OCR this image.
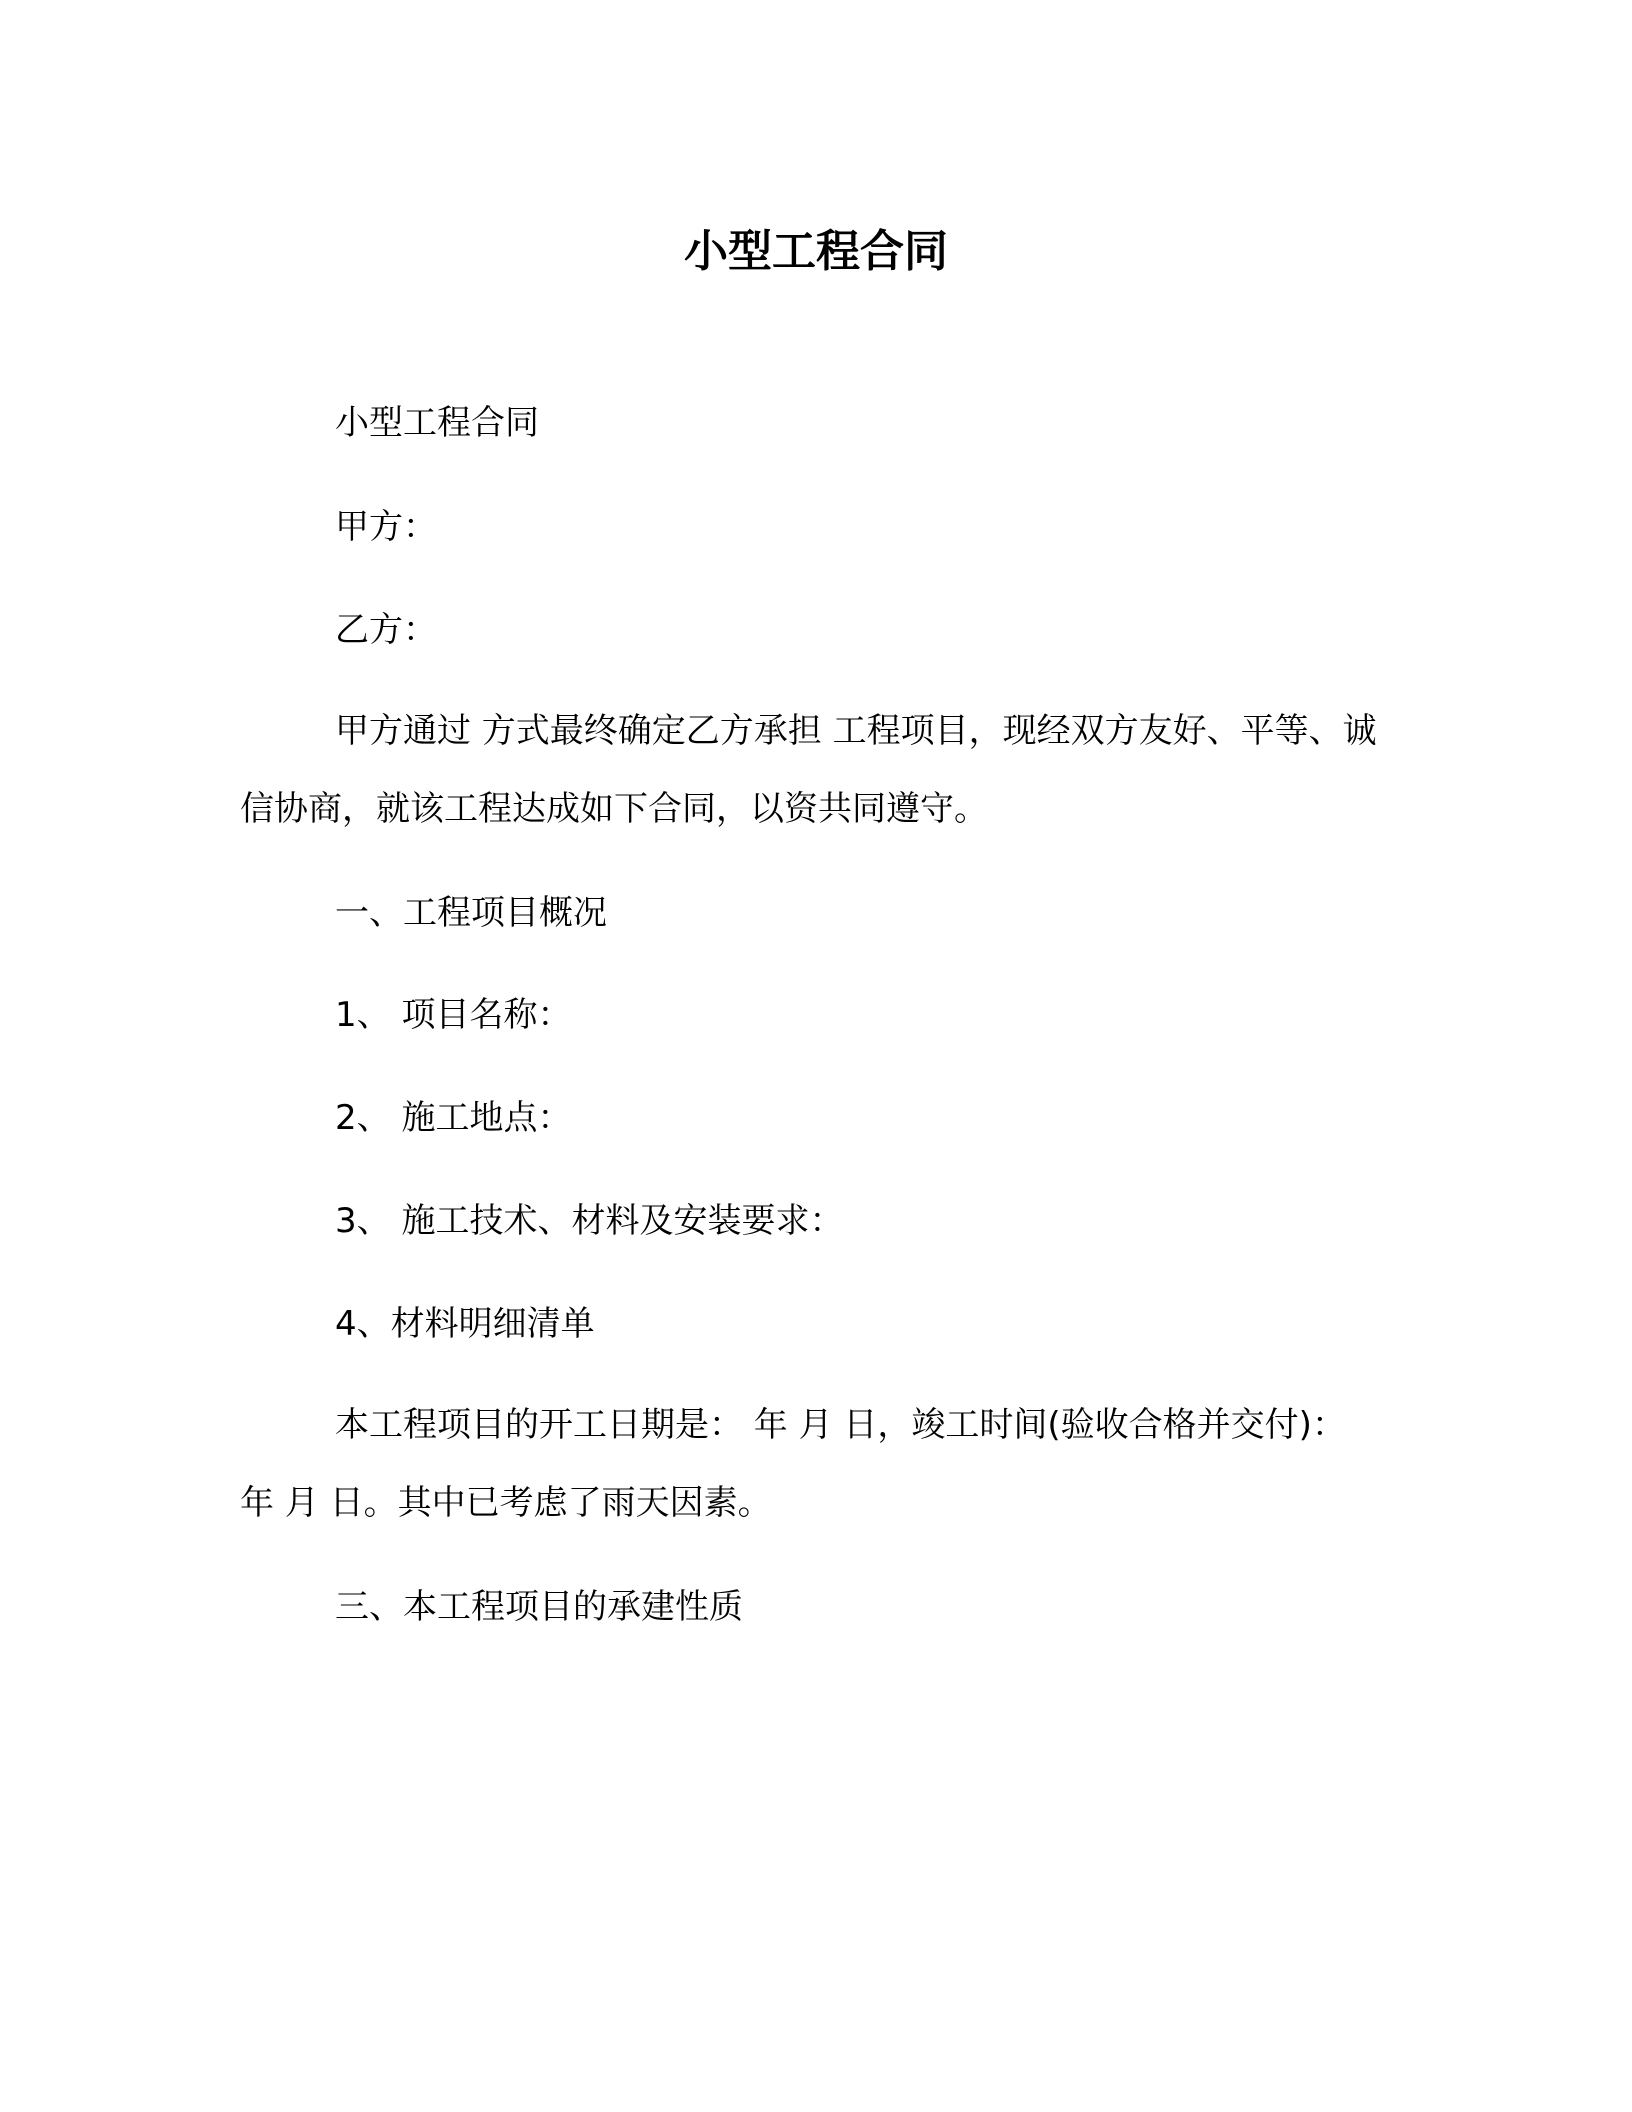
小型工程合同
小型工程合同
甲方：
乙方：
甲方通过 方式最终确定乙方承担 工程项目，现经双方友好、平等、诚信协商，就该工程达成如下合同，以资共同遵守。
一、工程项目概况
1、 项目名称：
2、 施工地点：
3、 施工技术、材料及安装要求：
4、材料明细清单
本工程项目的开工日期是： 年 月 日，竣工时间(验收合格并交付)： 年 月 日。其中已考虑了雨天因素。
三、本工程项目的承建性质
